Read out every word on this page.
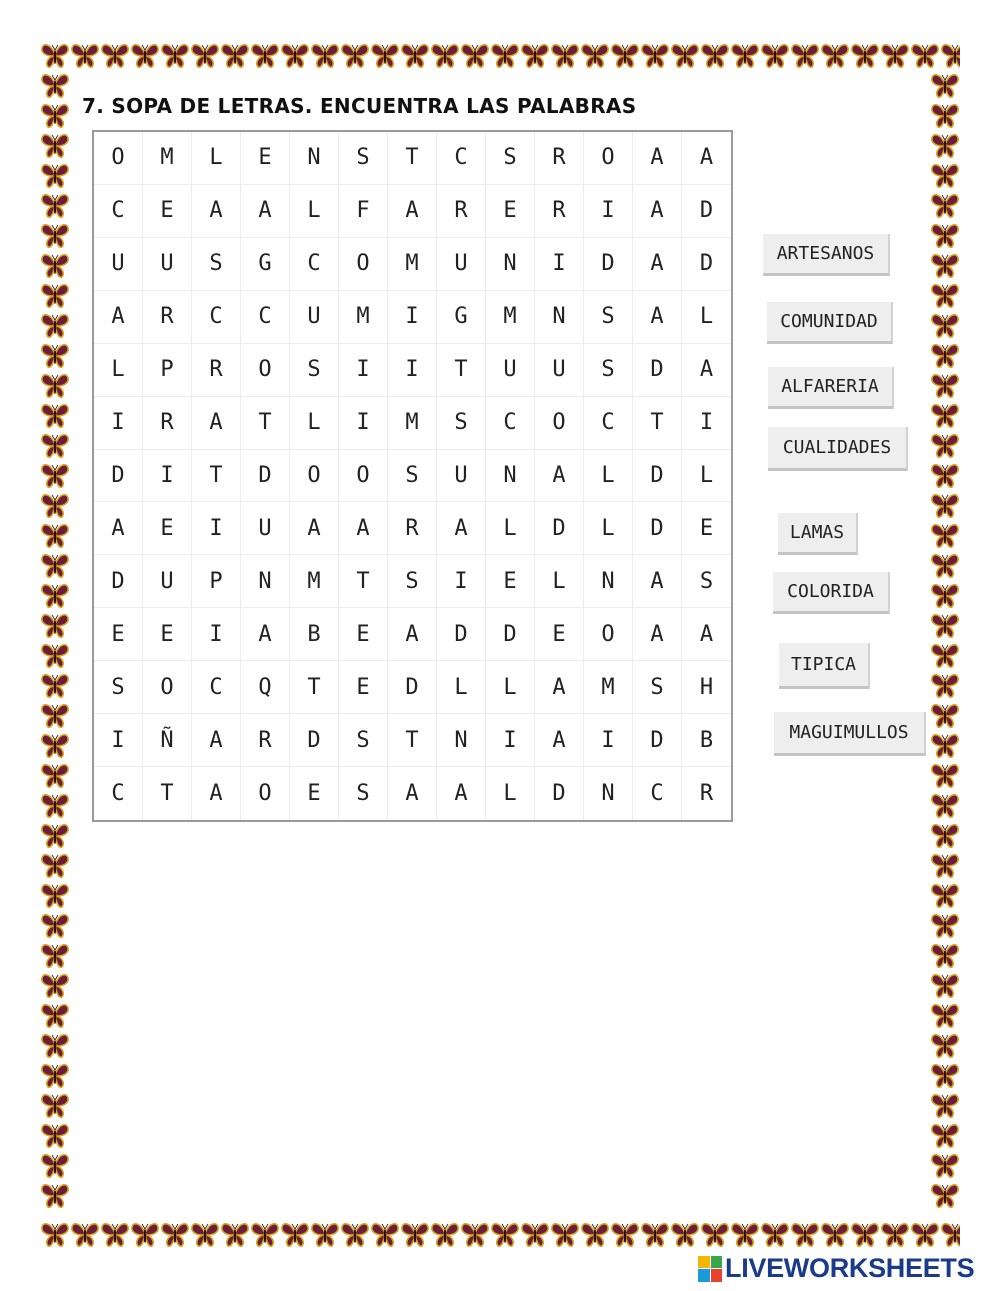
7. SOPA DE LETRAS. ENCUENTRA LAS PALABRAS
O	M	L	E	N	S	T	C	S	R	O	A	A
C	E	A	A	L	F	A	R	E	R	I	A	D
U	U	S	G	C	O	M	U	N	I	D	A	D
A	R	C	C	U	M	I	G	M	N	S	A	L
L	P	R	O	S	I	I	T	U	U	S	D	A
I	R	A	T	L	I	M	S	C	O	C	T	I
D	I	T	D	O	O	S	U	N	A	L	D	L
A	E	I	U	A	A	R	A	L	D	L	D	E
D	U	P	N	M	T	S	I	E	L	N	A	S
E	E	I	A	B	E	A	D	D	E	O	A	A
S	O	C	Q	T	E	D	L	L	A	M	S	H
I	Ñ	A	R	D	S	T	N	I	A	I	D	B
C	T	A	O	E	S	A	A	L	D	N	C	R
ARTESANOS
COMUNIDAD
ALFARERIA
CUALIDADES
LAMAS
COLORIDA
TIPICA
MAGUIMULLOS
LIVEWORKSHEETS
